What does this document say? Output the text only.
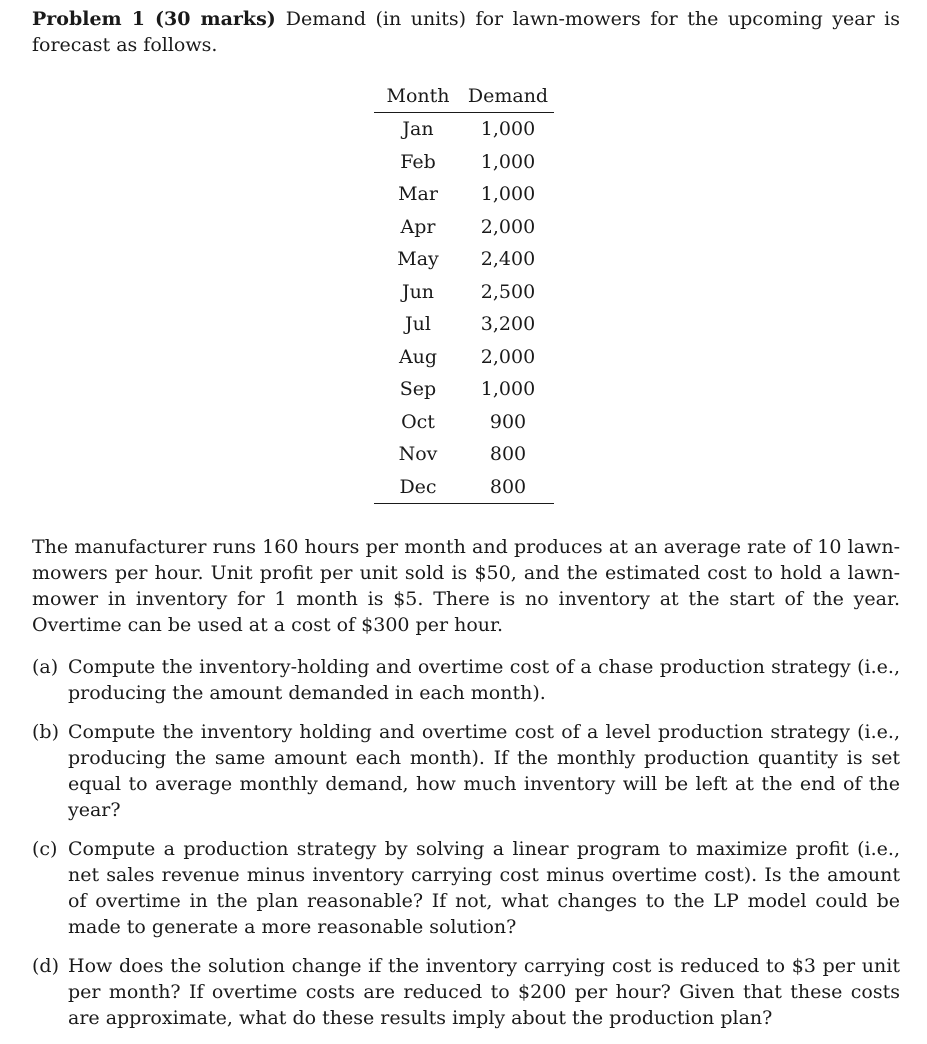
Problem 1 (30 marks) Demand (in units) for lawn-mowers for the upcoming year is forecast as follows.

Month	Demand
Jan	1,000
Feb	1,000
Mar	1,000
Apr	2,000
May	2,400
Jun	2,500
Jul	3,200
Aug	2,000
Sep	1,000
Oct	900
Nov	800
Dec	800

The manufacturer runs 160 hours per month and produces at an average rate of 10 lawn-mowers per hour. Unit profit per unit sold is $50, and the estimated cost to hold a lawn-mower in inventory for 1 month is $5. There is no inventory at the start of the year. Overtime can be used at a cost of $300 per hour.

(a) Compute the inventory-holding and overtime cost of a chase production strategy (i.e., producing the amount demanded in each month).
(b) Compute the inventory holding and overtime cost of a level production strategy (i.e., producing the same amount each month). If the monthly production quantity is set equal to average monthly demand, how much inventory will be left at the end of the year?
(c) Compute a production strategy by solving a linear program to maximize profit (i.e., net sales revenue minus inventory carrying cost minus overtime cost). Is the amount of overtime in the plan reasonable? If not, what changes to the LP model could be made to generate a more reasonable solution?
(d) How does the solution change if the inventory carrying cost is reduced to $3 per unit per month? If overtime costs are reduced to $200 per hour? Given that these costs are approximate, what do these results imply about the production plan?
